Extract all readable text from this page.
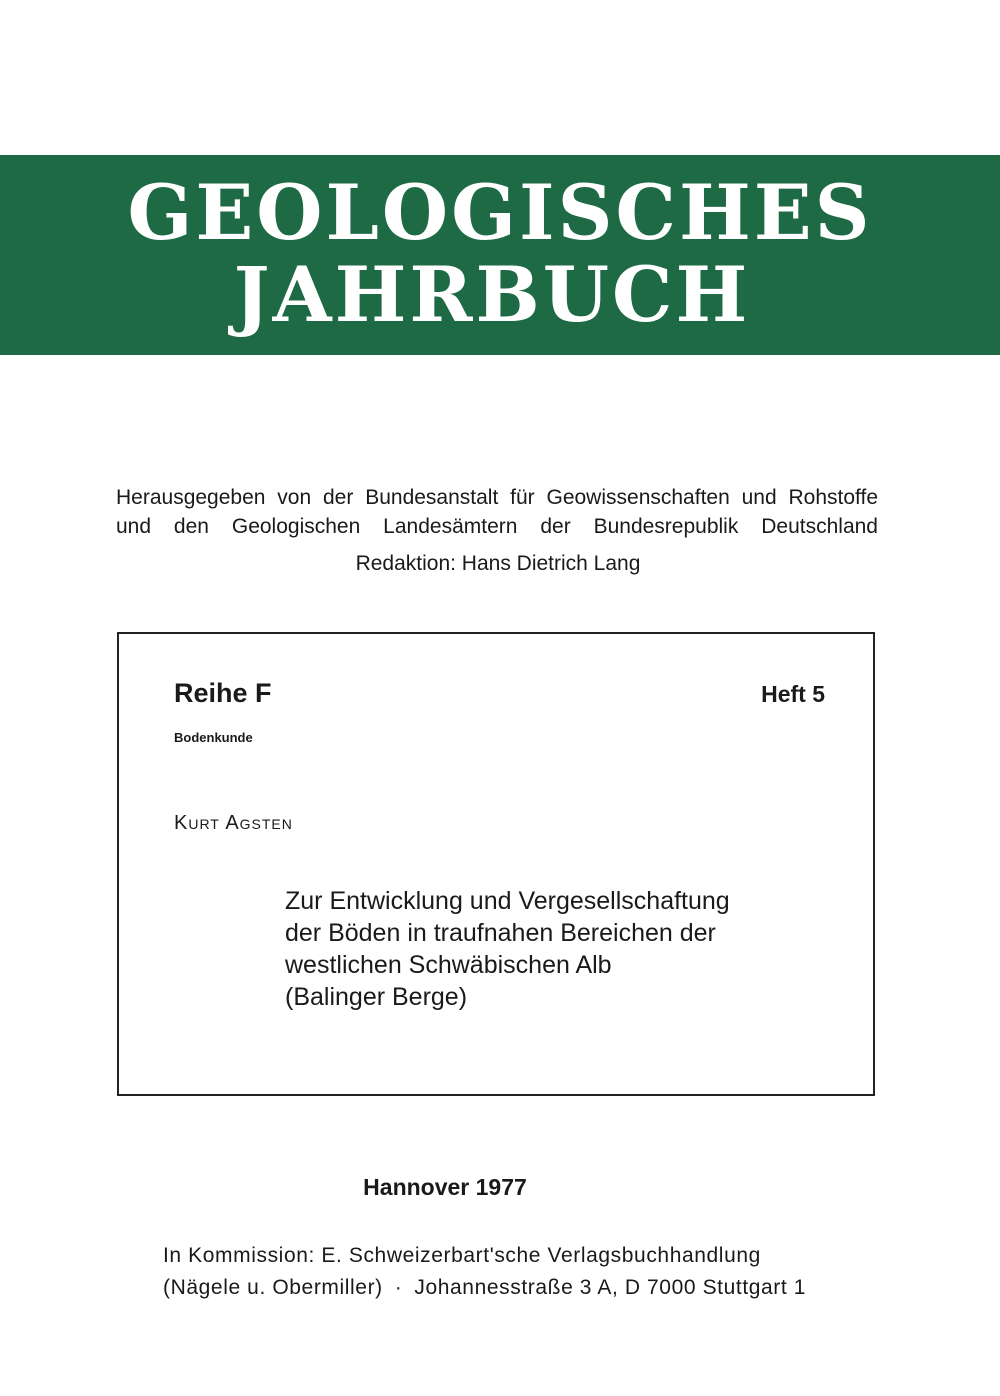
GEOLOGISCHES
JAHRBUCH
Herausgegeben von der Bundesanstalt für Geowissenschaften und Rohstoffe
und den Geologischen Landesämtern der Bundesrepublik Deutschland
Redaktion: Hans Dietrich Lang
Reihe F
Bodenkunde
Heft 5
Kurt Agsten
Zur Entwicklung und Vergesellschaftung
der Böden in traufnahen Bereichen der
westlichen Schwäbischen Alb
(Balinger Berge)
Hannover 1977
In Kommission: E. Schweizerbart'sche Verlagsbuchhandlung
(Nägele u. Obermiller) · Johannesstraße 3 A, D 7000 Stuttgart 1
